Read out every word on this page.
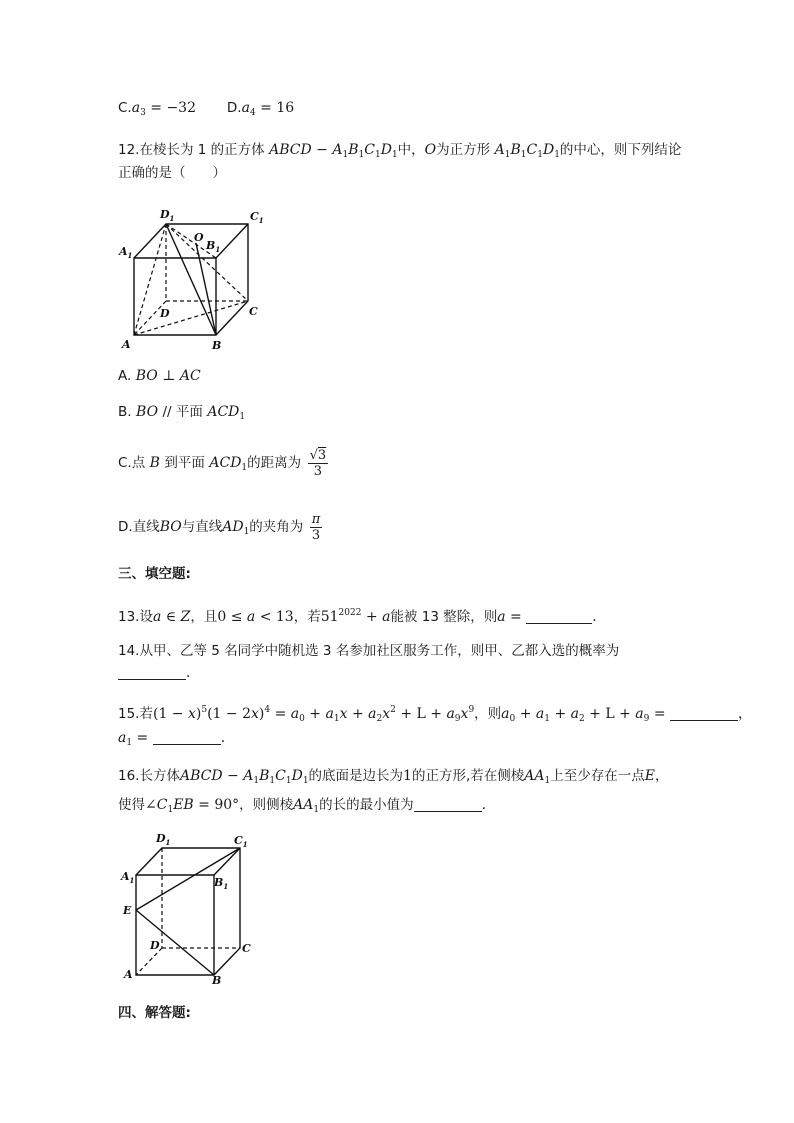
$C.a_3 = -32$ $D.a_4 = 16$
12.在棱长为 1 的正方体 ABCD − $A_1B_1C_1D_1$中，O为正方形 $A_1B_1C_1D_1$的中心，则下列结论
正确的是（　　）
$D_1$	$C_1$
$A_1$
$B_1$
O
D	C
A	B
A. BO ⊥ AC
B. BO // 平面 $ACD_1$
C.点 B 到平面 $ACD_1$的距离为 $\frac{√3}{3}$
D.直线BO与直线$AD_1$的夹角为 $\frac{\pi}{3}$
三、填空题:
13.设a ∈ Z，且0 ≤ a < 13，若$51^{2022} + a$能被 13 整除，则a =	.
14.从甲、乙等 5 名同学中随机选 3 名参加社区服务工作，则甲、乙都入选的概率为
.
15.若$(1 - x)^5(1 - 2x)^4 = a_0 + a_1x + a_2x^2 + L + a_9x^9$，则$a_0 + a_1 + a_2 + L + a_9$ =	，
$a_1$ =	.
16.长方体ABCD − $A_1B_1C_1D_1$的底面是边长为1的正方形,若在侧棱$AA_1$上至少存在一点E，
使得$\angle C_1EB = 90^\circ$，则侧棱$AA_1$的长的最小值为	.
$D_1$	$C_1$
$A_1$	$B_1$
E
D	C
A	B
四、解答题:
